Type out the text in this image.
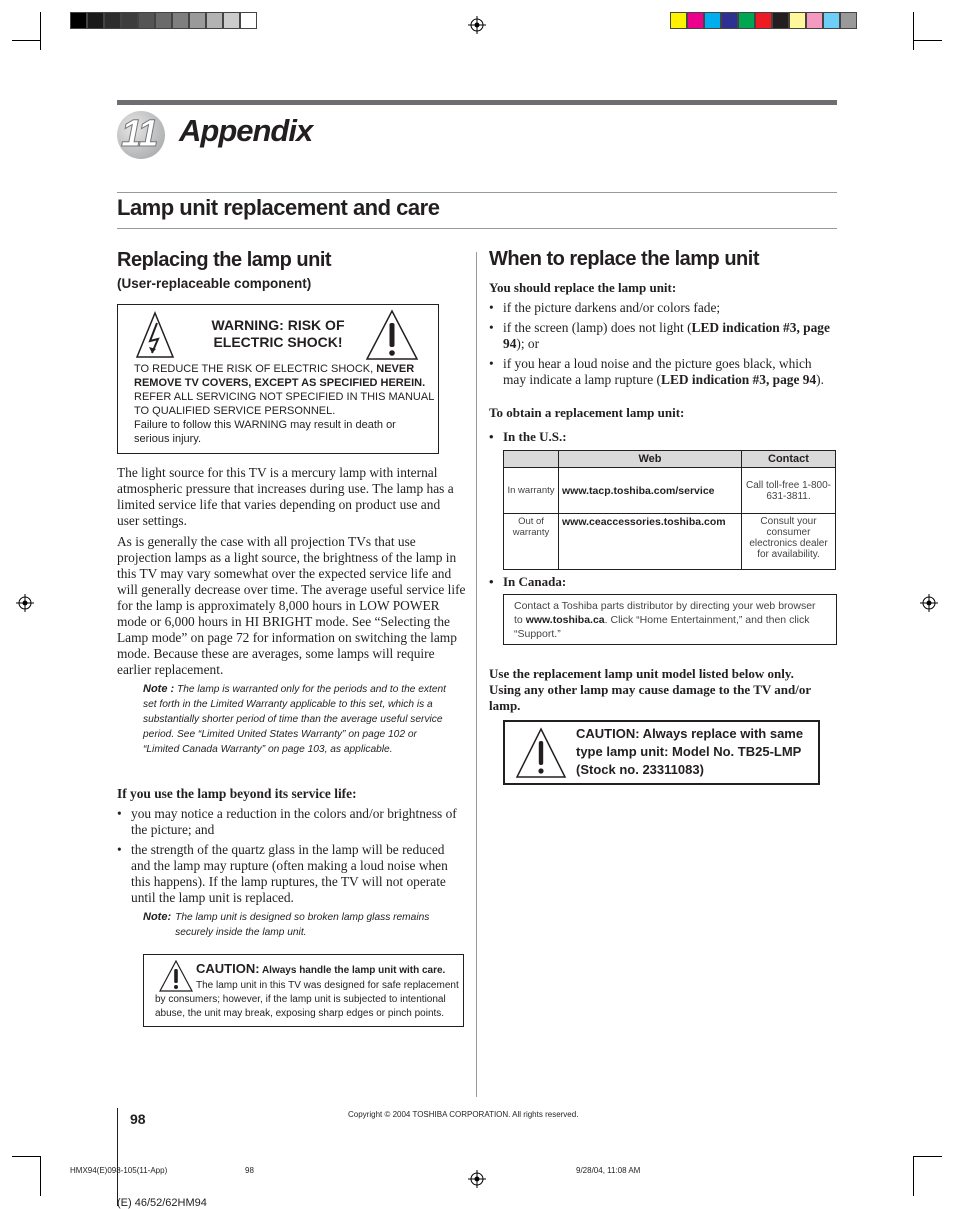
11 Appendix
Lamp unit replacement and care
Replacing the lamp unit
(User-replaceable component)
WARNING: RISK OF
ELECTRIC SHOCK!
TO REDUCE THE RISK OF ELECTRIC SHOCK, NEVER REMOVE TV COVERS, EXCEPT AS SPECIFIED HEREIN. REFER ALL SERVICING NOT SPECIFIED IN THIS MANUAL TO QUALIFIED SERVICE PERSONNEL.
Failure to follow this WARNING may result in death or serious injury.
The light source for this TV is a mercury lamp with internal atmospheric pressure that increases during use. The lamp has a limited service life that varies depending on product use and user settings.
As is generally the case with all projection TVs that use projection lamps as a light source, the brightness of the lamp in this TV may vary somewhat over the expected service life and will generally decrease over time. The average useful service life for the lamp is approximately 8,000 hours in LOW POWER mode or 6,000 hours in HI BRIGHT mode. See “Selecting the Lamp mode” on page 72 for information on switching the lamp mode. Because these are averages, some lamps will require earlier replacement.
Note : The lamp is warranted only for the periods and to the extent set forth in the Limited Warranty applicable to this set, which is a substantially shorter period of time than the average useful service period. See “Limited United States Warranty” on page 102 or “Limited Canada Warranty” on page 103, as applicable.
If you use the lamp beyond its service life:
• you may notice a reduction in the colors and/or brightness of the picture; and
• the strength of the quartz glass in the lamp will be reduced and the lamp may rupture (often making a loud noise when this happens). If the lamp ruptures, the TV will not operate until the lamp unit is replaced.
Note: The lamp unit is designed so broken lamp glass remains securely inside the lamp unit.
CAUTION: Always handle the lamp unit with care.
The lamp unit in this TV was designed for safe replacement by consumers; however, if the lamp unit is subjected to intentional abuse, the unit may break, exposing sharp edges or pinch points.
When to replace the lamp unit
You should replace the lamp unit:
• if the picture darkens and/or colors fade;
• if the screen (lamp) does not light (LED indication #3, page 94); or
• if you hear a loud noise and the picture goes black, which may indicate a lamp rupture (LED indication #3, page 94).
To obtain a replacement lamp unit:
• In the U.S.:
	Web	Contact
In warranty	www.tacp.toshiba.com/service	Call toll-free 1-800-631-3811.
Out of warranty	www.ceaccessories.toshiba.com	Consult your consumer electronics dealer for availability.
• In Canada:
Contact a Toshiba parts distributor by directing your web browser to www.toshiba.ca. Click “Home Entertainment,” and then click “Support.”
Use the replacement lamp unit model listed below only. Using any other lamp may cause damage to the TV and/or lamp.
CAUTION: Always replace with same type lamp unit: Model No. TB25-LMP (Stock no. 23311083)
98	Copyright © 2004 TOSHIBA CORPORATION. All rights reserved.
HMX94(E)098-105(11-App)	98	9/28/04, 11:08 AM
(E) 46/52/62HM94
